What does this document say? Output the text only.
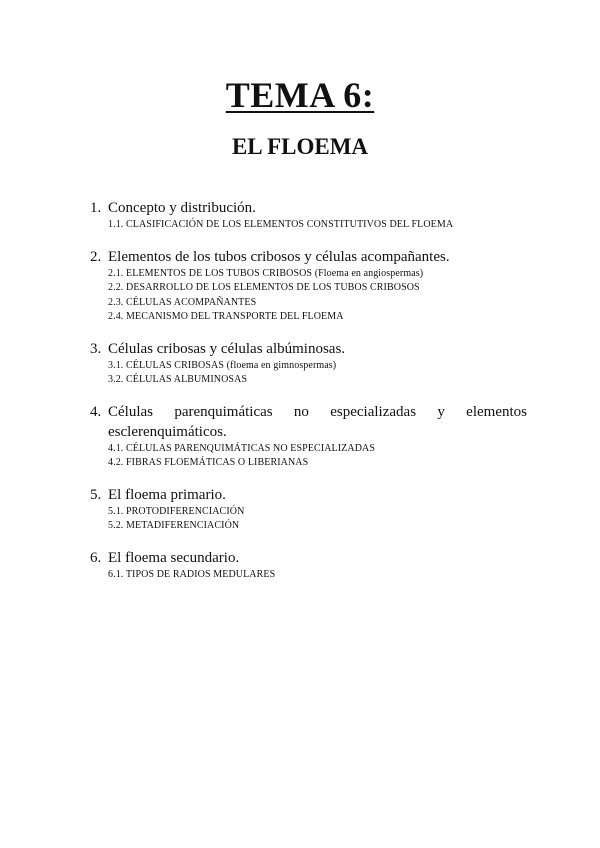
TEMA 6:
EL FLOEMA
1. Concepto y distribución.
1.1. CLASIFICACIÓN DE LOS ELEMENTOS CONSTITUTIVOS DEL FLOEMA
2. Elementos de los tubos cribosos y células acompañantes.
2.1. ELEMENTOS DE LOS TUBOS CRIBOSOS (Floema en angiospermas)
2.2. DESARROLLO DE LOS ELEMENTOS DE LOS TUBOS CRIBOSOS
2.3. CÉLULAS ACOMPAÑANTES
2.4. MECANISMO DEL TRANSPORTE DEL FLOEMA
3. Células cribosas y células albúminosas.
3.1. CÉLULAS CRIBOSAS (floema en gimnospermas)
3.2. CÉLULAS ALBUMINOSAS
4. Células parenquimáticas no especializadas y elementos esclerenquimáticos.
4.1. CÉLULAS PARENQUIMÁTICAS NO ESPECIALIZADAS
4.2. FIBRAS FLOEMÁTICAS O LIBERIANAS
5. El floema primario.
5.1. PROTODIFERENCIACIÓN
5.2. METADIFERENCIACIÓN
6. El floema secundario.
6.1. TIPOS DE RADIOS MEDULARES
